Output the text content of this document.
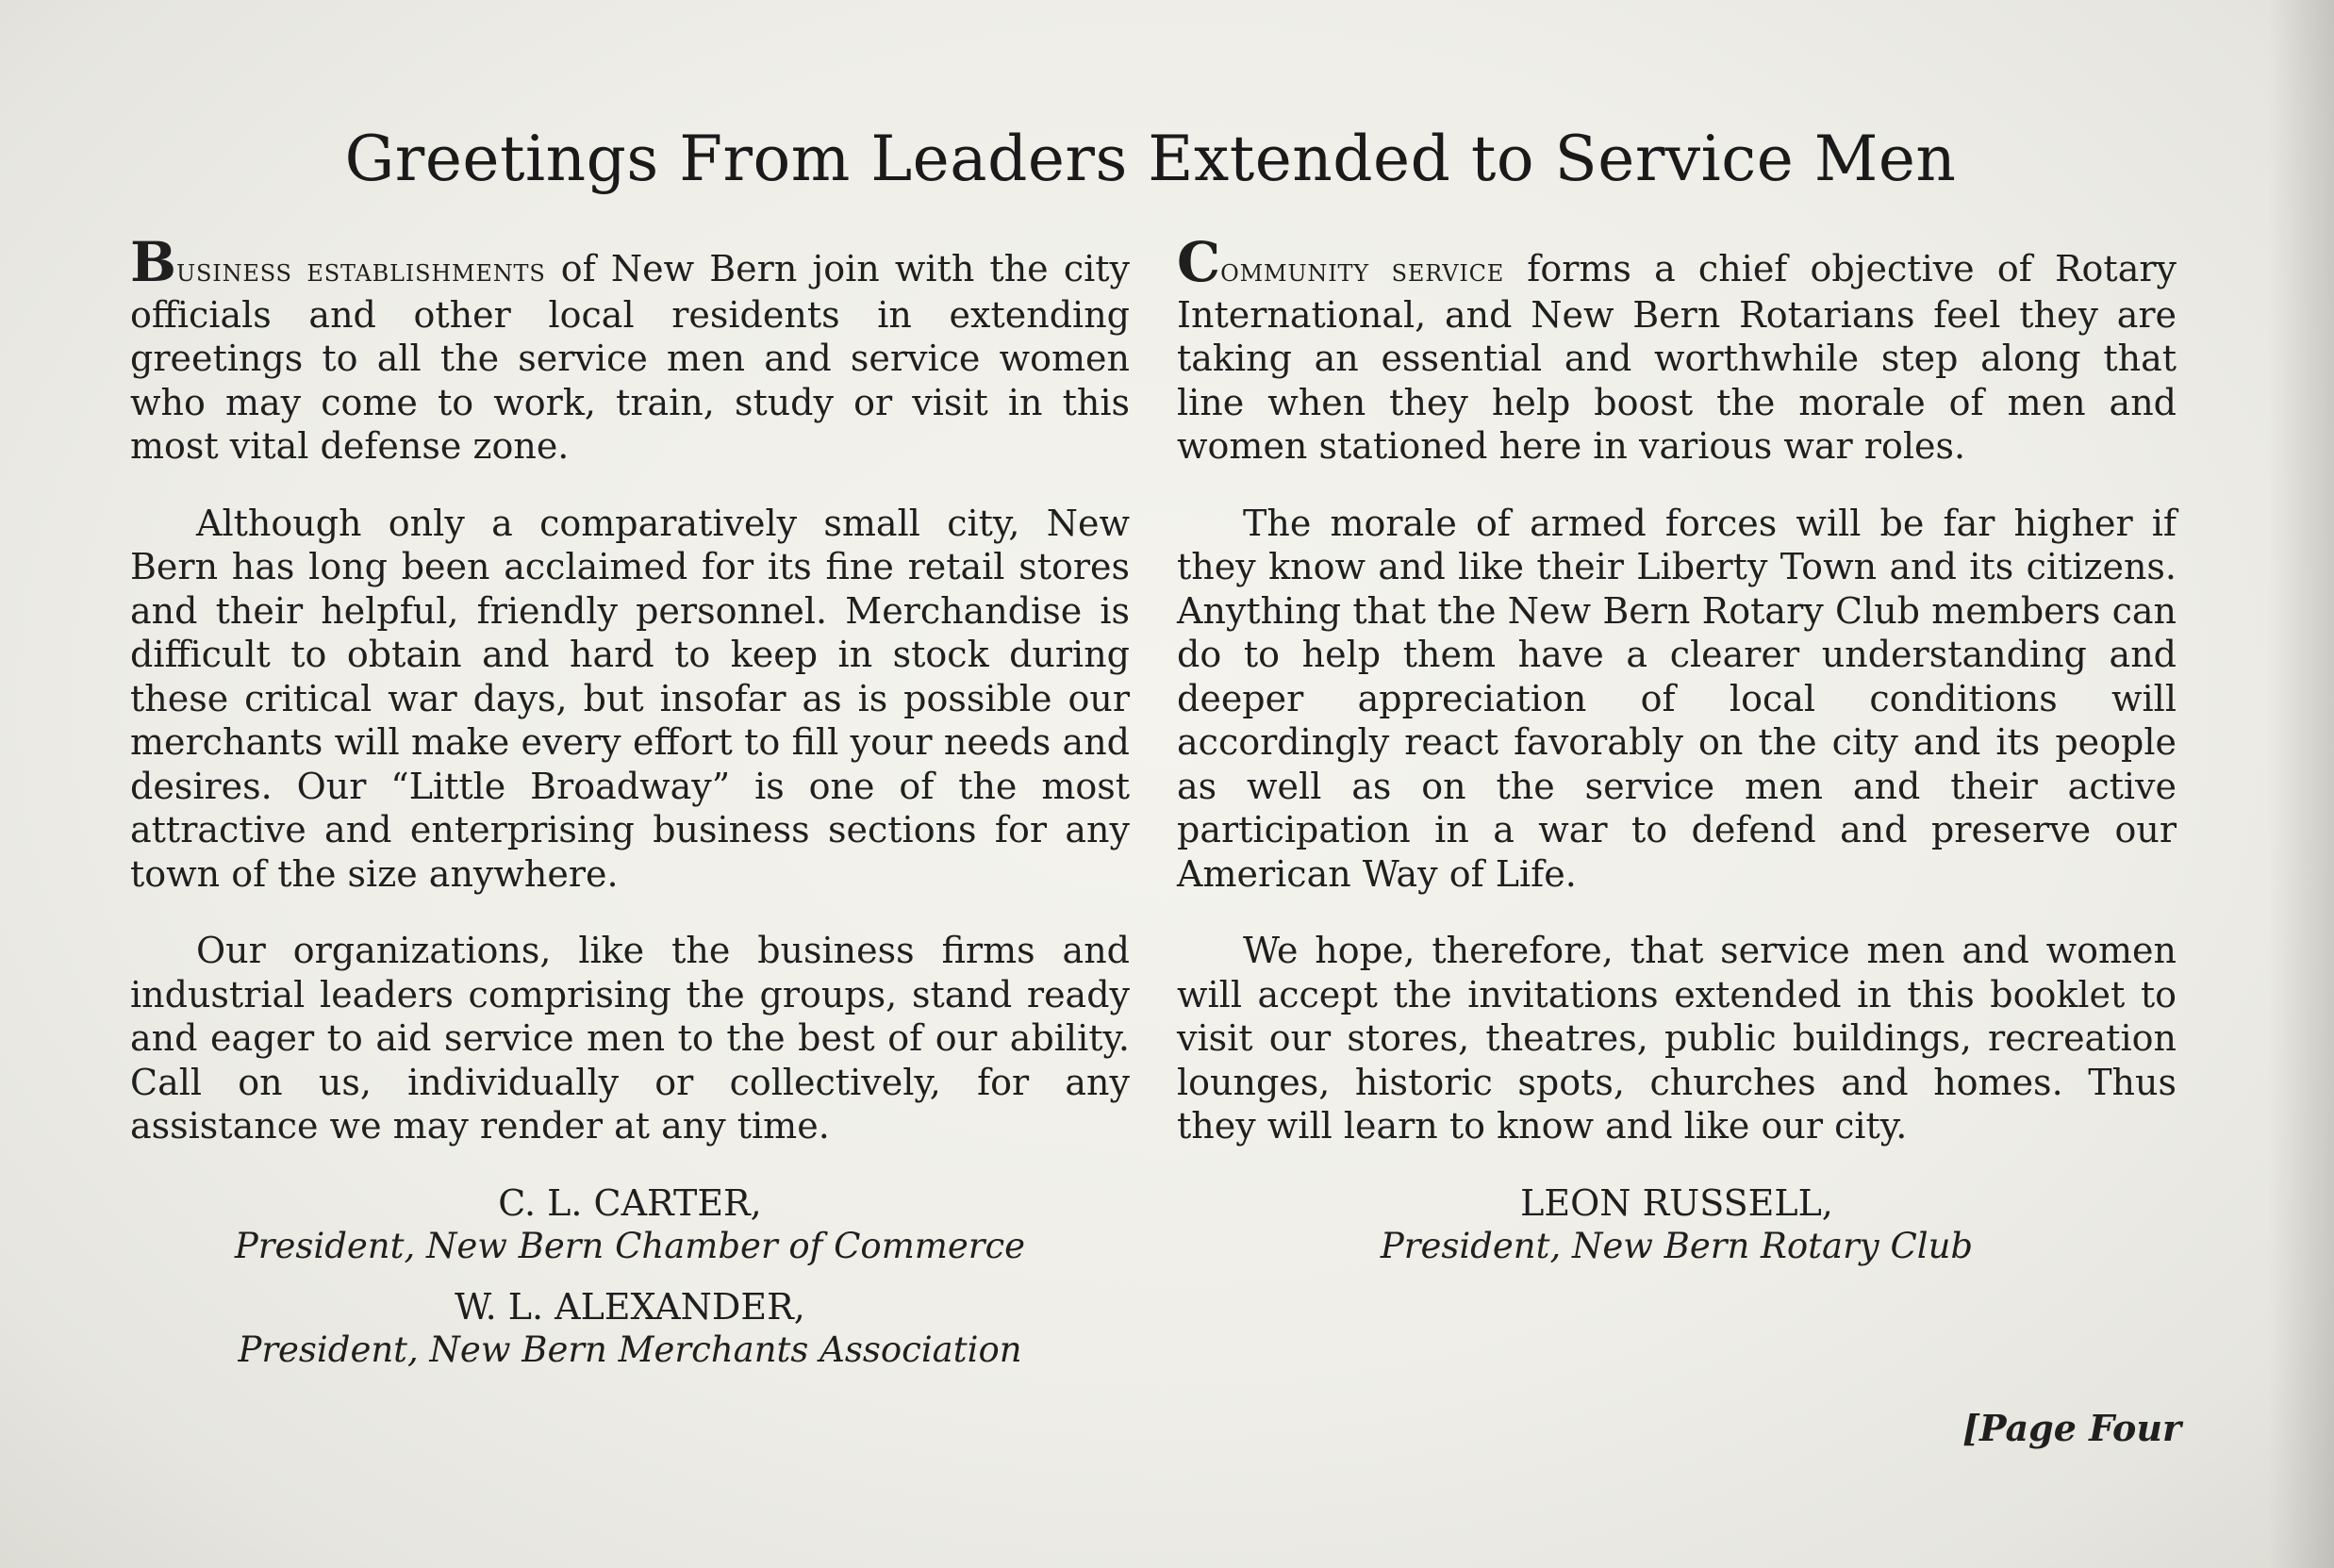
Greetings From Leaders Extended to Service Men

Business establishments of New Bern join with the city officials and other local residents in extending greetings to all the service men and service women who may come to work, train, study or visit in this most vital defense zone.

Although only a comparatively small city, New Bern has long been acclaimed for its fine retail stores and their helpful, friendly personnel. Merchandise is difficult to obtain and hard to keep in stock during these critical war days, but insofar as is possible our merchants will make every effort to fill your needs and desires. Our “Little Broadway” is one of the most attractive and enterprising business sections for any town of the size anywhere.

Our organizations, like the business firms and industrial leaders comprising the groups, stand ready and eager to aid service men to the best of our ability. Call on us, individually or collectively, for any assistance we may render at any time.

C. L. CARTER,

President, New Bern Chamber of Commerce

W. L. ALEXANDER,

President, New Bern Merchants Association

Community service forms a chief objective of Rotary International, and New Bern Rotarians feel they are taking an essential and worthwhile step along that line when they help boost the morale of men and women stationed here in various war roles.

The morale of armed forces will be far higher if they know and like their Liberty Town and its citizens. Anything that the New Bern Rotary Club members can do to help them have a clearer understanding and deeper appreciation of local conditions will accordingly react favorably on the city and its people as well as on the service men and their active participation in a war to defend and preserve our American Way of Life.

We hope, therefore, that service men and women will accept the invitations extended in this booklet to visit our stores, theatres, public buildings, recreation lounges, historic spots, churches and homes. Thus they will learn to know and like our city.

LEON RUSSELL,

President, New Bern Rotary Club

[Page Four
